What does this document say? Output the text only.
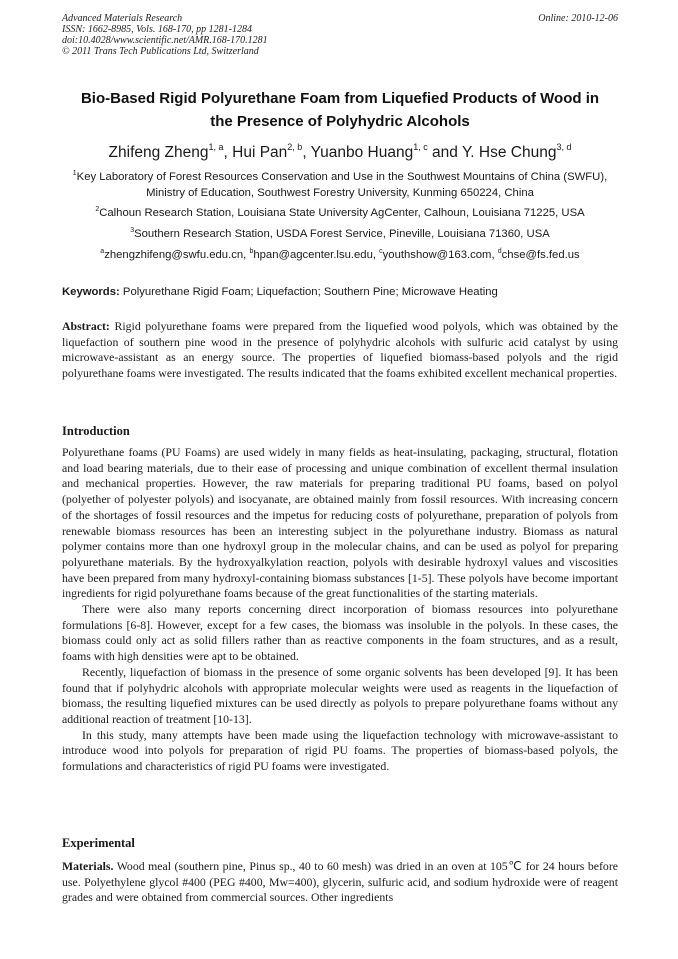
Advanced Materials Research
ISSN: 1662-8985, Vols. 168-170, pp 1281-1284
doi:10.4028/www.scientific.net/AMR.168-170.1281
© 2011 Trans Tech Publications Ltd, Switzerland
Online: 2010-12-06
Bio-Based Rigid Polyurethane Foam from Liquefied Products of Wood in
the Presence of Polyhydric Alcohols
Zhifeng Zheng$^{1, a}$, Hui Pan$^{2, b}$, Yuanbo Huang$^{1, c}$ and Y. Hse Chung$^{3, d}$
$^1$Key Laboratory of Forest Resources Conservation and Use in the Southwest Mountains of China (SWFU), Ministry of Education, Southwest Forestry University, Kunming 650224, China
$^2$Calhoun Research Station, Louisiana State University AgCenter, Calhoun, Louisiana 71225, USA
$^3$Southern Research Station, USDA Forest Service, Pineville, Louisiana 71360, USA
$^a$zhengzhifeng@swfu.edu.cn, $^b$hpan@agcenter.lsu.edu, $^c$youthshow@163.com, $^d$chse@fs.fed.us
Keywords: Polyurethane Rigid Foam; Liquefaction; Southern Pine; Microwave Heating
Abstract: Rigid polyurethane foams were prepared from the liquefied wood polyols, which was obtained by the liquefaction of southern pine wood in the presence of polyhydric alcohols with sulfuric acid catalyst by using microwave-assistant as an energy source. The properties of liquefied biomass-based polyols and the rigid polyurethane foams were investigated. The results indicated that the foams exhibited excellent mechanical properties.
Introduction

Polyurethane foams (PU Foams) are used widely in many fields as heat-insulating, packaging, structural, flotation and load bearing materials, due to their ease of processing and unique combination of excellent thermal insulation and mechanical properties. However, the raw materials for preparing traditional PU foams, based on polyol (polyether of polyester polyols) and isocyanate, are obtained mainly from fossil resources. With increasing concern of the shortages of fossil resources and the impetus for reducing costs of polyurethane, preparation of polyols from renewable biomass resources has been an interesting subject in the polyurethane industry. Biomass as natural polymer contains more than one hydroxyl group in the molecular chains, and can be used as polyol for preparing polyurethane materials. By the hydroxyalkylation reaction, polyols with desirable hydroxyl values and viscosities have been prepared from many hydroxyl-containing biomass substances [1-5]. These polyols have become important ingredients for rigid polyurethane foams because of the great functionalities of the starting materials.

There were also many reports concerning direct incorporation of biomass resources into polyurethane formulations [6-8]. However, except for a few cases, the biomass was insoluble in the polyols. In these cases, the biomass could only act as solid fillers rather than as reactive components in the foam structures, and as a result, foams with high densities were apt to be obtained.

Recently, liquefaction of biomass in the presence of some organic solvents has been developed [9]. It has been found that if polyhydric alcohols with appropriate molecular weights were used as reagents in the liquefaction of biomass, the resulting liquefied mixtures can be used directly as polyols to prepare polyurethane foams without any additional reaction of treatment [10-13].

In this study, many attempts have been made using the liquefaction technology with microwave-assistant to introduce wood into polyols for preparation of rigid PU foams. The properties of biomass-based polyols, the formulations and characteristics of rigid PU foams were investigated.

Experimental
Materials. Wood meal (southern pine, Pinus sp., 40 to 60 mesh) was dried in an oven at 105℃ for 24 hours before use. Polyethylene glycol #400 (PEG #400, Mw=400), glycerin, sulfuric acid, and sodium hydroxide were of reagent grades and were obtained from commercial sources. Other ingredients
